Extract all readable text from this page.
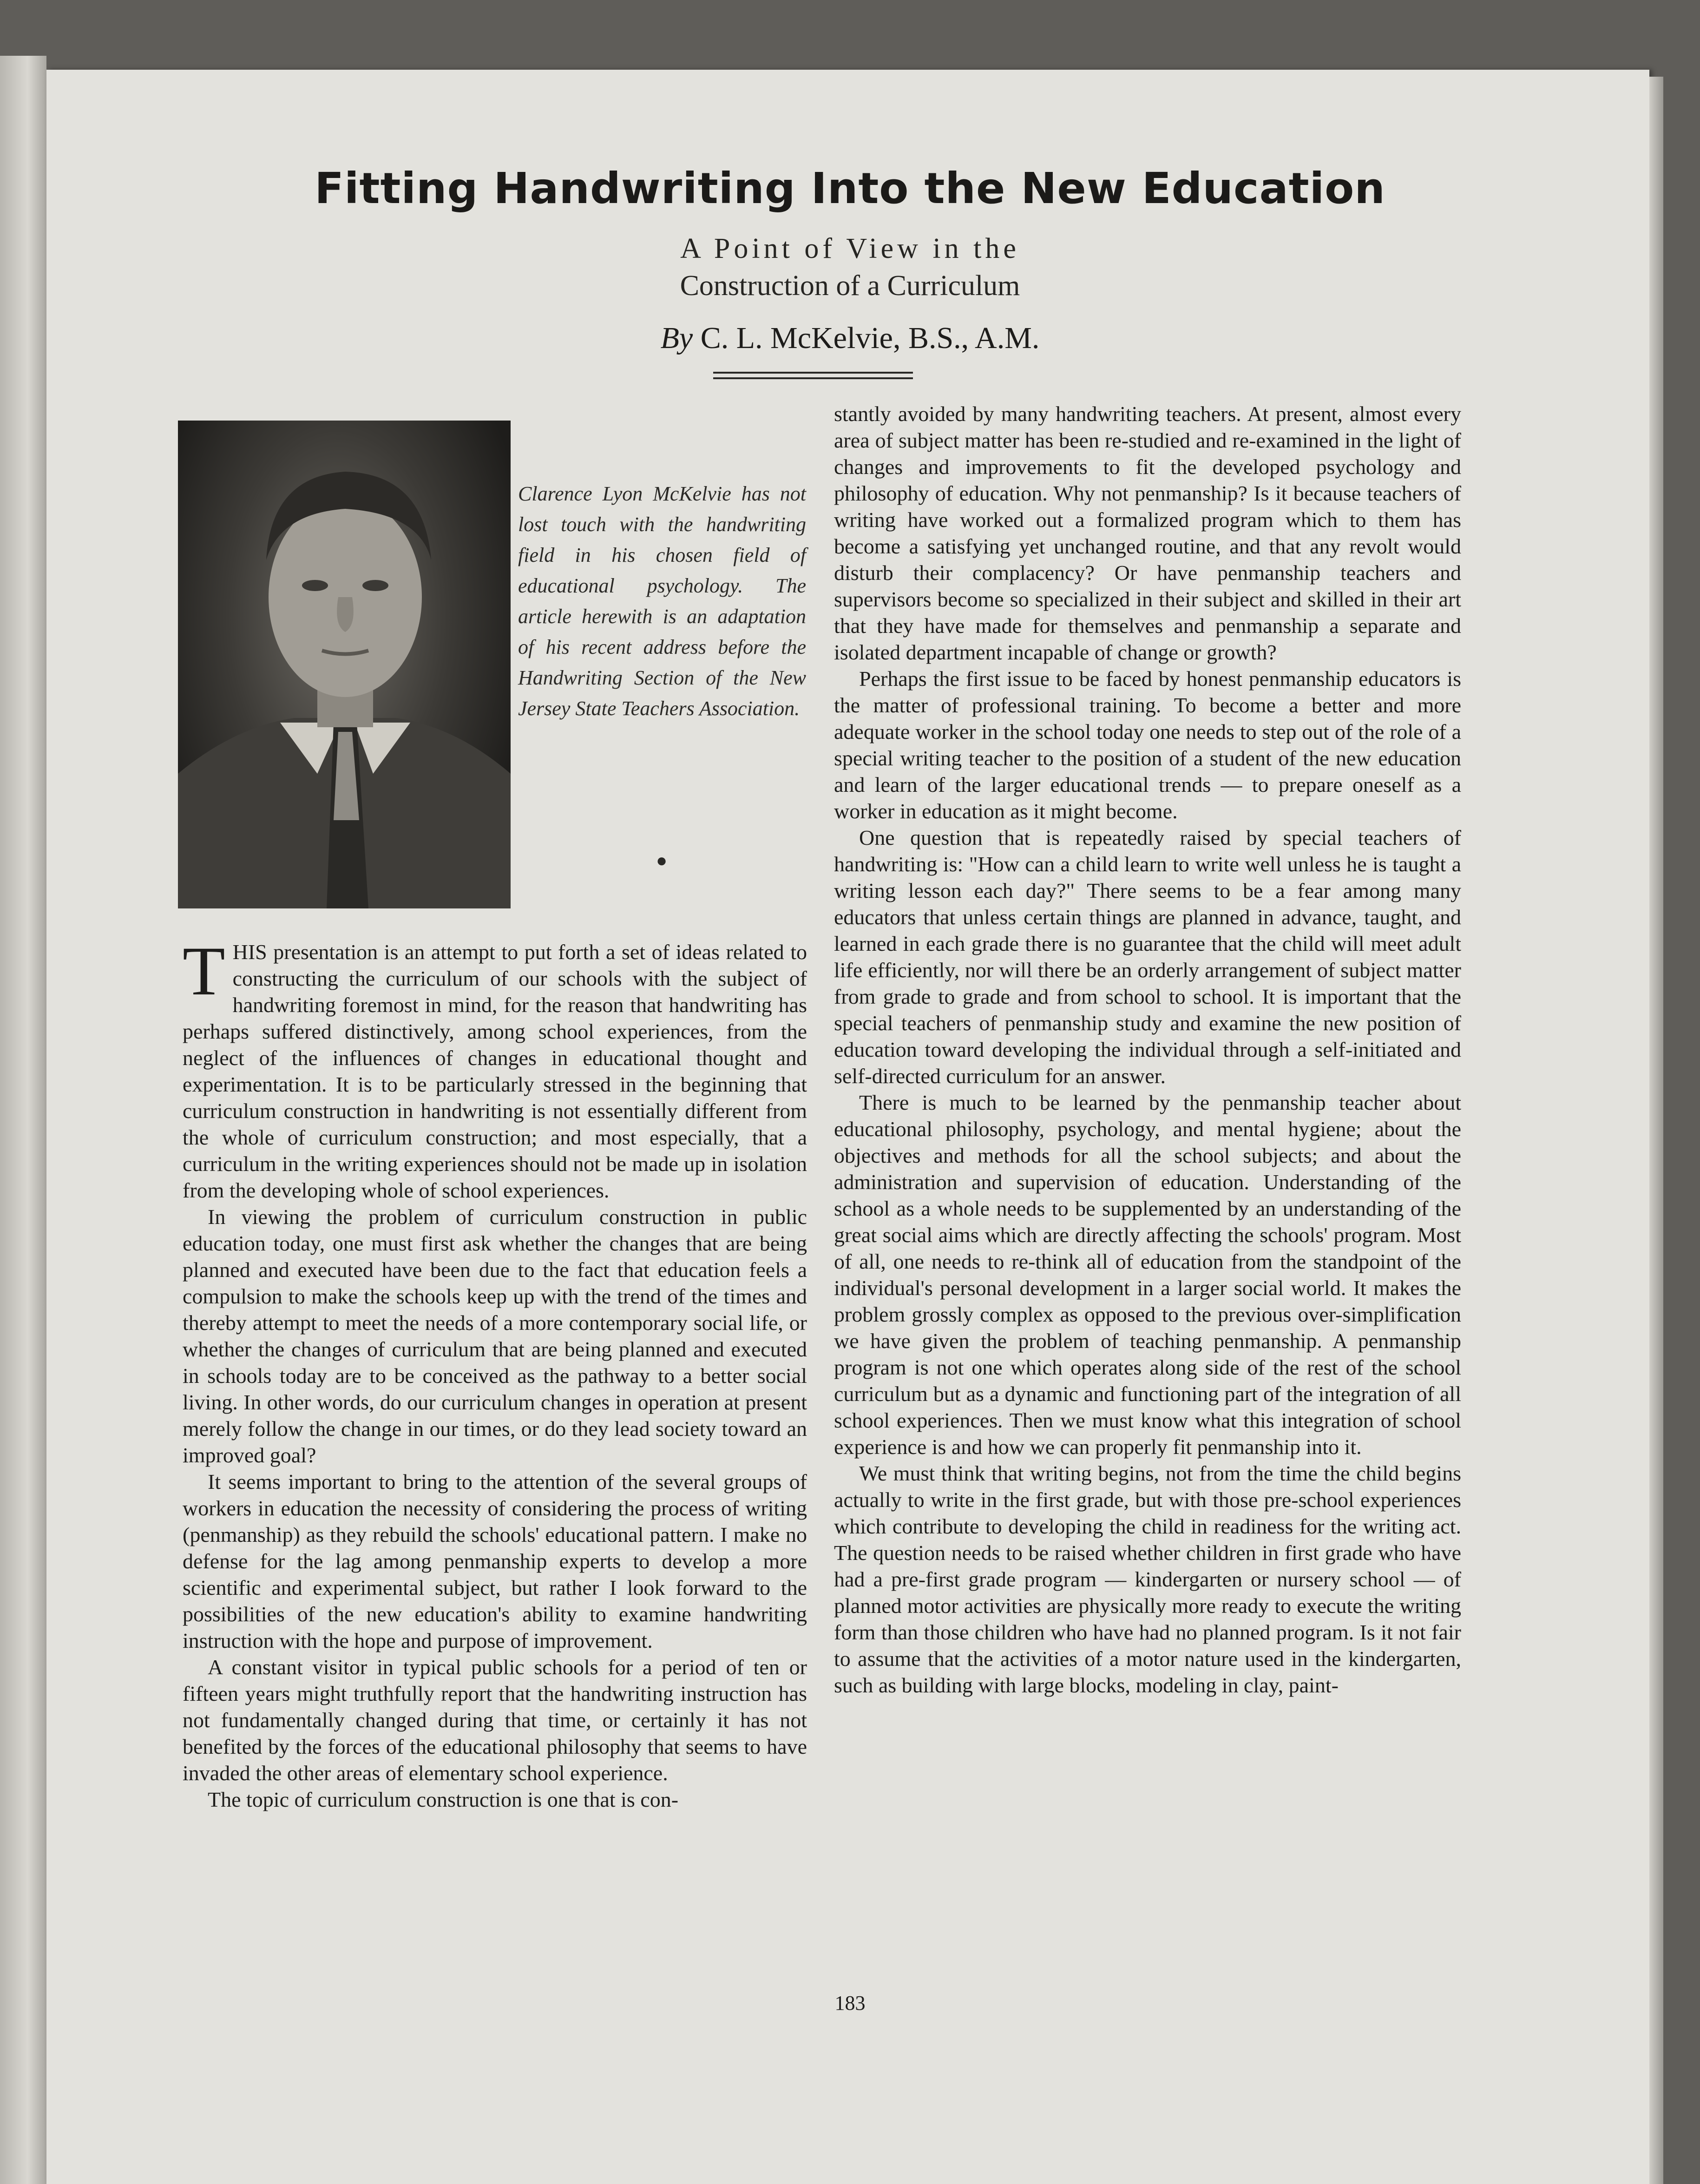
Fitting Handwriting Into the New Education
A Point of View in the
Construction of a Curriculum
By C. L. McKelvie, B.S., A.M.
Clarence Lyon McKelvie has not lost touch with the handwriting field in his chosen field of educational psychology. The article herewith is an adaptation of his recent address before the Handwriting Section of the New Jersey State Teachers Association.
●

THIS presentation is an attempt to put forth a set of ideas related to constructing the curriculum of our schools with the subject of handwriting foremost in mind, for the reason that handwriting has perhaps suffered distinctively, among school experiences, from the neglect of the influences of changes in educational thought and experimentation. It is to be particularly stressed in the beginning that curriculum construction in handwriting is not essentially different from the whole of curriculum construction; and most especially, that a curriculum in the writing experiences should not be made up in isolation from the developing whole of school experiences.

In viewing the problem of curriculum construction in public education today, one must first ask whether the changes that are being planned and executed have been due to the fact that education feels a compulsion to make the schools keep up with the trend of the times and thereby attempt to meet the needs of a more contemporary social life, or whether the changes of curriculum that are being planned and executed in schools today are to be conceived as the pathway to a better social living. In other words, do our curriculum changes in operation at present merely follow the change in our times, or do they lead society toward an improved goal?

It seems important to bring to the attention of the several groups of workers in education the necessity of considering the process of writing (penmanship) as they rebuild the schools' educational pattern. I make no defense for the lag among penmanship experts to develop a more scientific and experimental subject, but rather I look forward to the possibilities of the new education's ability to examine handwriting instruction with the hope and purpose of improvement.

A constant visitor in typical public schools for a period of ten or fifteen years might truthfully report that the handwriting instruction has not fundamentally changed during that time, or certainly it has not benefited by the forces of the educational philosophy that seems to have invaded the other areas of elementary school experience.

The topic of curriculum construction is one that is con-

stantly avoided by many handwriting teachers. At present, almost every area of subject matter has been re-studied and re-examined in the light of changes and improvements to fit the developed psychology and philosophy of education. Why not penmanship? Is it because teachers of writing have worked out a formalized program which to them has become a satisfying yet unchanged routine, and that any revolt would disturb their complacency? Or have penmanship teachers and supervisors become so specialized in their subject and skilled in their art that they have made for themselves and penmanship a separate and isolated department incapable of change or growth?

Perhaps the first issue to be faced by honest penmanship educators is the matter of professional training. To become a better and more adequate worker in the school today one needs to step out of the role of a special writing teacher to the position of a student of the new education and learn of the larger educational trends — to prepare oneself as a worker in education as it might become.

One question that is repeatedly raised by special teachers of handwriting is: "How can a child learn to write well unless he is taught a writing lesson each day?" There seems to be a fear among many educators that unless certain things are planned in advance, taught, and learned in each grade there is no guarantee that the child will meet adult life efficiently, nor will there be an orderly arrangement of subject matter from grade to grade and from school to school. It is important that the special teachers of penmanship study and examine the new position of education toward developing the individual through a self-initiated and self-directed curriculum for an answer.

There is much to be learned by the penmanship teacher about educational philosophy, psychology, and mental hygiene; about the objectives and methods for all the school subjects; and about the administration and supervision of education. Understanding of the school as a whole needs to be supplemented by an understanding of the great social aims which are directly affecting the schools' program. Most of all, one needs to re-think all of education from the standpoint of the individual's personal development in a larger social world. It makes the problem grossly complex as opposed to the previous over-simplification we have given the problem of teaching penmanship. A penmanship program is not one which operates along side of the rest of the school curriculum but as a dynamic and functioning part of the integration of all school experiences. Then we must know what this integration of school experience is and how we can properly fit penmanship into it.

We must think that writing begins, not from the time the child begins actually to write in the first grade, but with those pre-school experiences which contribute to developing the child in readiness for the writing act. The question needs to be raised whether children in first grade who have had a pre-first grade program — kindergarten or nursery school — of planned motor activities are physically more ready to execute the writing form than those children who have had no planned program. Is it not fair to assume that the activities of a motor nature used in the kindergarten, such as building with large blocks, modeling in clay, paint-

183
